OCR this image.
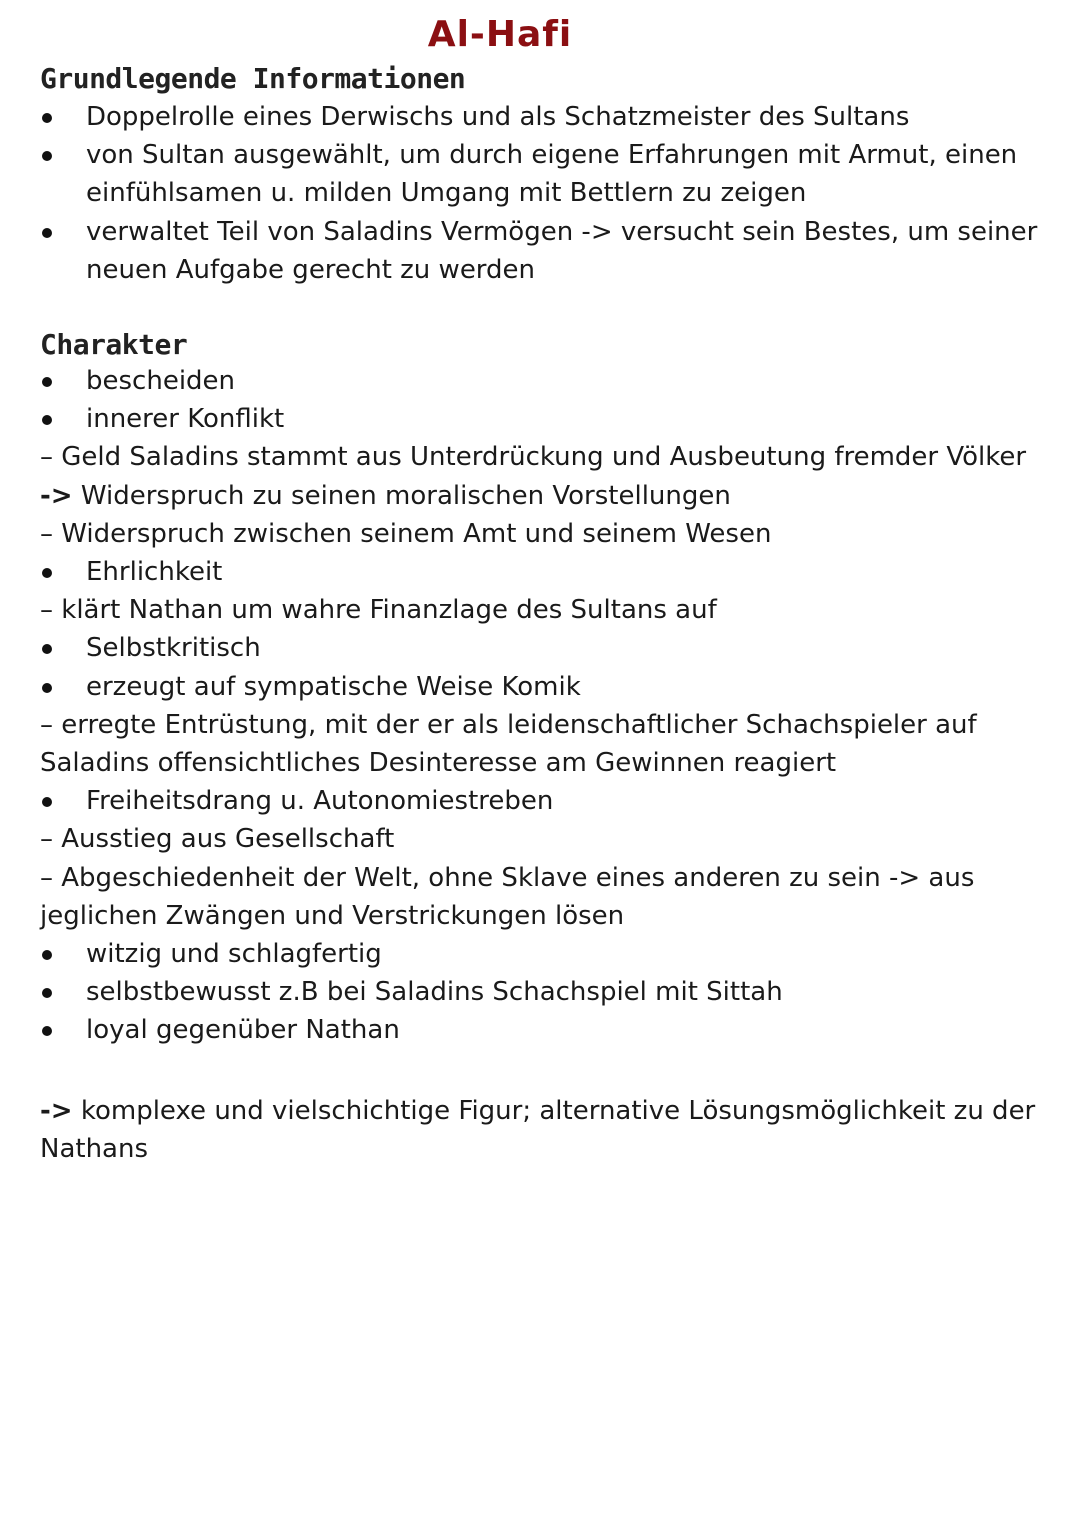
Al-Hafi
Grundlegende Informationen
Doppelrolle eines Derwischs und als Schatzmeister des Sultans
von Sultan ausgewählt, um durch eigene Erfahrungen mit Armut, einen einfühlsamen u. milden Umgang mit Bettlern zu zeigen
verwaltet Teil von Saladins Vermögen -> versucht sein Bestes, um seiner neuen Aufgabe gerecht zu werden
Charakter
bescheiden
innerer Konflikt
– Geld Saladins stammt aus Unterdrückung und Ausbeutung fremder Völker
-> Widerspruch zu seinen moralischen Vorstellungen
– Widerspruch zwischen seinem Amt und seinem Wesen
Ehrlichkeit
– klärt Nathan um wahre Finanzlage des Sultans auf
Selbstkritisch
erzeugt auf sympatische Weise Komik
– erregte Entrüstung, mit der er als leidenschaftlicher Schachspieler auf Saladins offensichtliches Desinteresse am Gewinnen reagiert
Freiheitsdrang u. Autonomiestreben
– Ausstieg aus Gesellschaft
– Abgeschiedenheit der Welt, ohne Sklave eines anderen zu sein -> aus jeglichen Zwängen und Verstrickungen lösen
witzig und schlagfertig
selbstbewusst z.B bei Saladins Schachspiel mit Sittah
loyal gegenüber Nathan
-> komplexe und vielschichtige Figur; alternative Lösungsmöglichkeit zu der Nathans
